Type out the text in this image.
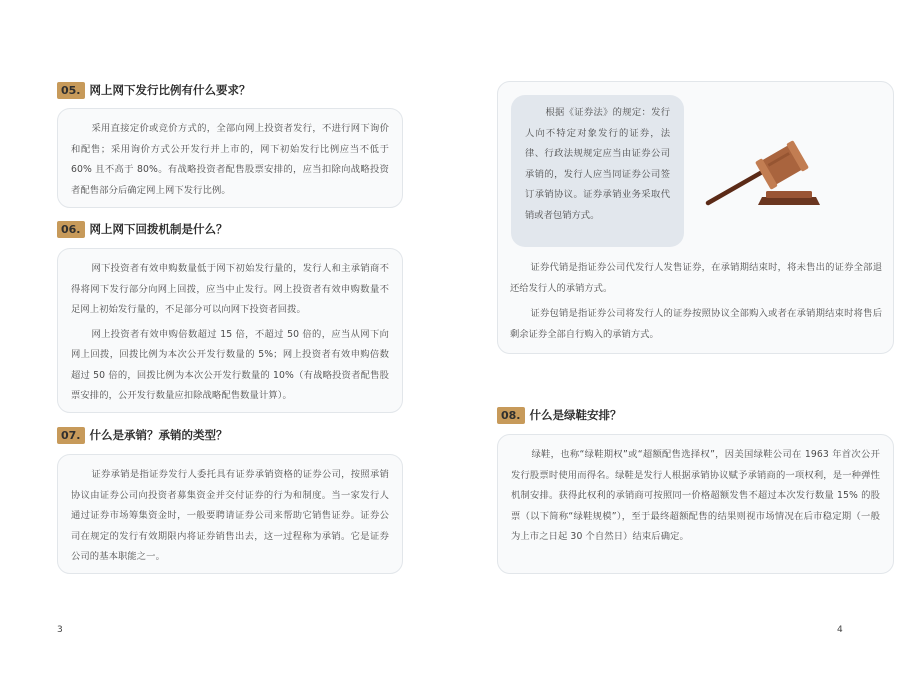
05. 网上网下发行比例有什么要求？

采用直接定价或竞价方式的，全部向网上投资者发行，不进行网下询价和配售；采用询价方式公开发行并上市的，网下初始发行比例应当不低于 60% 且不高于 80%。有战略投资者配售股票安排的，应当扣除向战略投资者配售部分后确定网上网下发行比例。

06. 网上网下回拨机制是什么？

网下投资者有效申购数量低于网下初始发行量的，发行人和主承销商不得将网下发行部分向网上回拨，应当中止发行。网上投资者有效申购数量不足网上初始发行量的，不足部分可以向网下投资者回拨。

网上投资者有效申购倍数超过 15 倍，不超过 50 倍的，应当从网下向网上回拨，回拨比例为本次公开发行数量的 5%；网上投资者有效申购倍数超过 50 倍的，回拨比例为本次公开发行数量的 10%（有战略投资者配售股票安排的，公开发行数量应扣除战略配售数量计算）。

07. 什么是承销？承销的类型？

证券承销是指证券发行人委托具有证券承销资格的证券公司，按照承销协议由证券公司向投资者募集资金并交付证券的行为和制度。当一家发行人通过证券市场筹集资金时，一般要聘请证券公司来帮助它销售证券。证券公司在规定的发行有效期限内将证券销售出去，这一过程称为承销。它是证券公司的基本职能之一。

3

根据《证券法》的规定：发行人向不特定对象发行的证券，法律、行政法规规定应当由证券公司承销的，发行人应当同证券公司签订承销协议。证券承销业务采取代销或者包销方式。

证券代销是指证券公司代发行人发售证券，在承销期结束时，将未售出的证券全部退还给发行人的承销方式。

证券包销是指证券公司将发行人的证券按照协议全部购入或者在承销期结束时将售后剩余证券全部自行购入的承销方式。

08. 什么是绿鞋安排？

绿鞋，也称“绿鞋期权”或“超额配售选择权”，因美国绿鞋公司在 1963 年首次公开发行股票时使用而得名。绿鞋是发行人根据承销协议赋予承销商的一项权利，是一种弹性机制安排。获得此权利的承销商可按照同一价格超额发售不超过本次发行数量 15% 的股票（以下简称“绿鞋规模”），至于最终超额配售的结果则视市场情况在后市稳定期（一般为上市之日起 30 个自然日）结束后确定。

4
